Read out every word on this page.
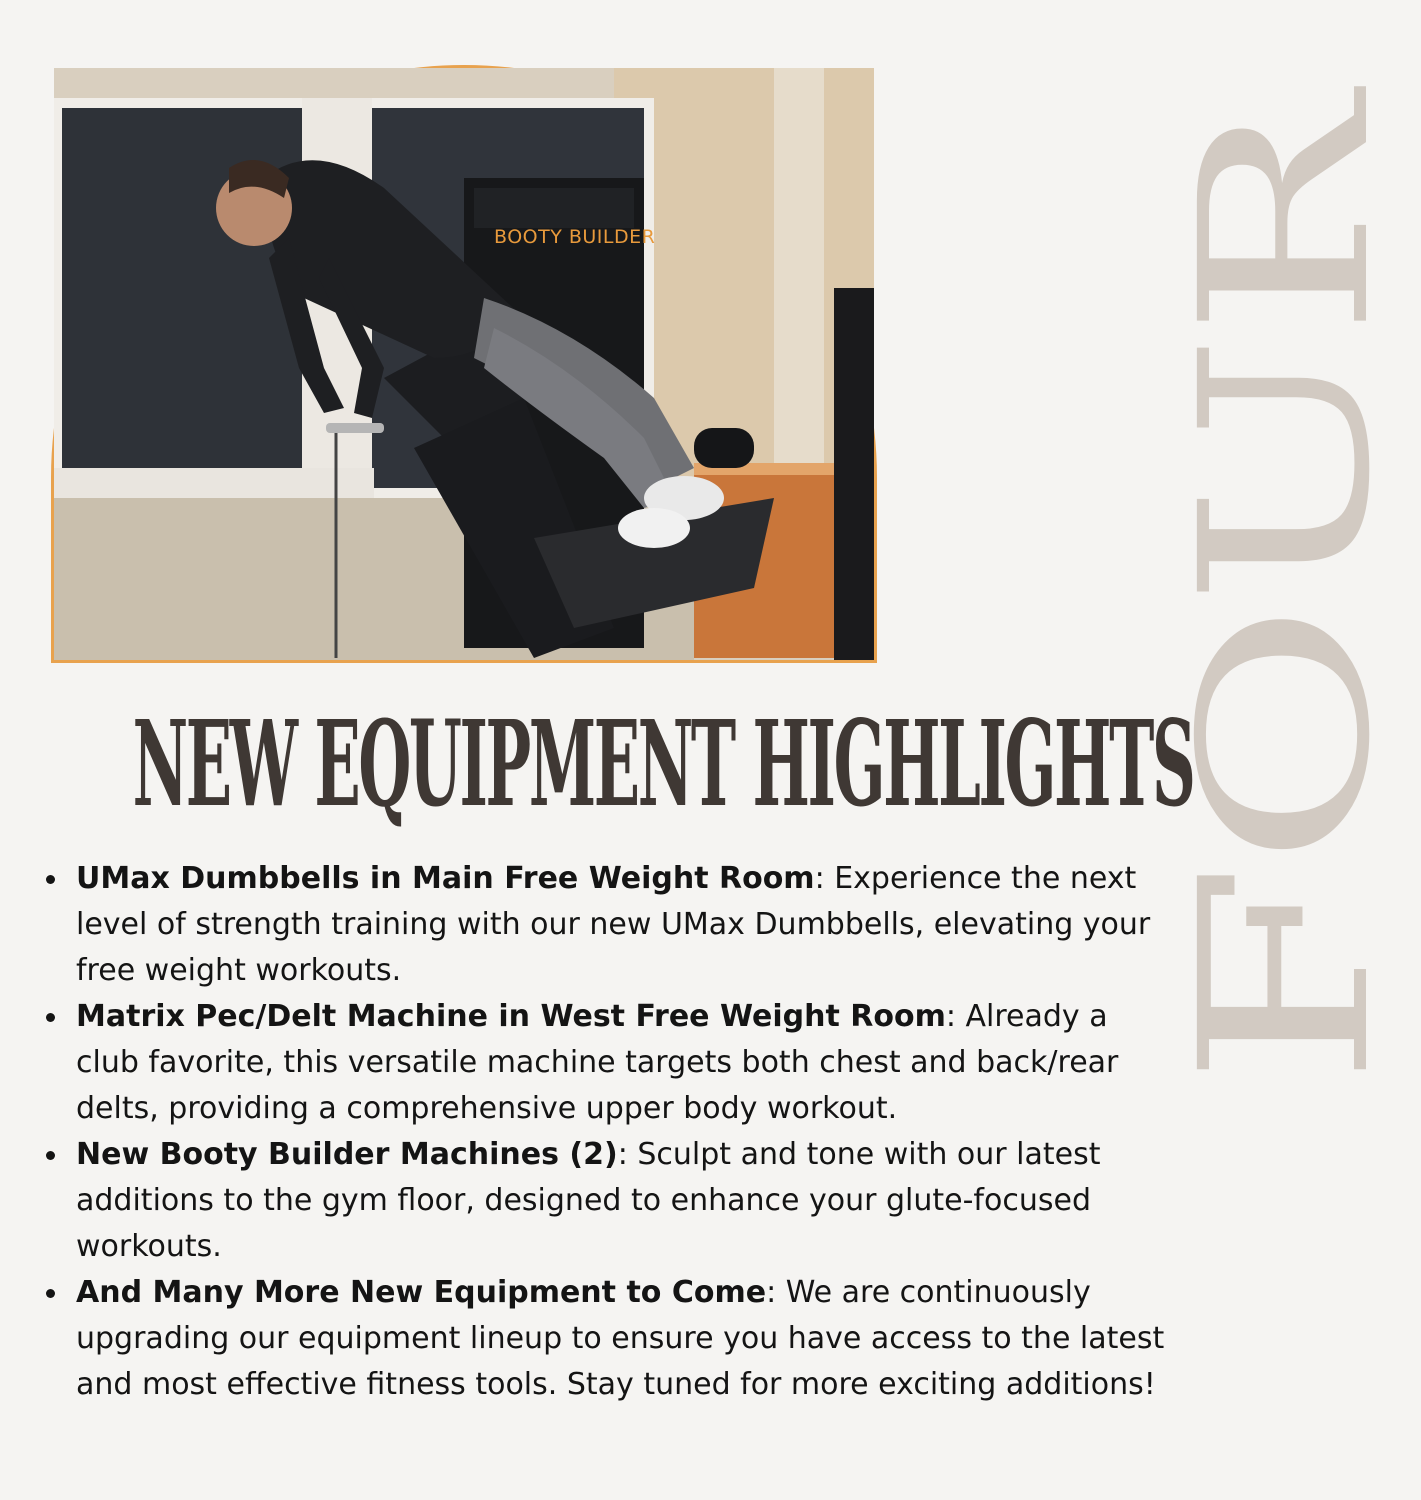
BOOTY BUILDER FOUR
NEW EQUIPMENT HIGHLIGHTS
UMax Dumbbells in Main Free Weight Room: Experience the next level of strength training with our new UMax Dumbbells, elevating your free weight workouts.
Matrix Pec/Delt Machine in West Free Weight Room: Already a club favorite, this versatile machine targets both chest and back/rear delts, providing a comprehensive upper body workout.
New Booty Builder Machines (2): Sculpt and tone with our latest additions to the gym floor, designed to enhance your glute-focused workouts.
And Many More New Equipment to Come: We are continuously upgrading our equipment lineup to ensure you have access to the latest and most effective fitness tools. Stay tuned for more exciting additions!
